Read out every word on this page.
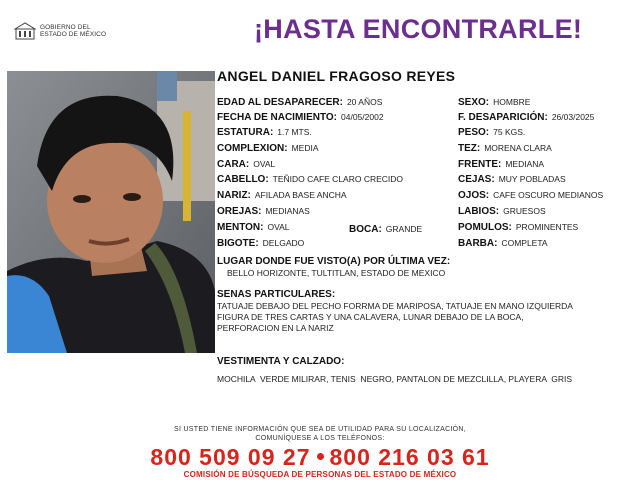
GOBIERNO DEL
ESTADO DE MÉXICO	¡HASTA ENCONTRARLE!
ANGEL DANIEL FRAGOSO REYES
EDAD AL DESAPARECER: 20 AÑOS
FECHA DE NACIMIENTO: 04/05/2002
ESTATURA: 1.7 MTS.
COMPLEXION: MEDIA
CARA: OVAL
CABELLO: TEÑIDO CAFE CLARO CRECIDO
NARIZ: AFILADA BASE ANCHA
OREJAS: MEDIANAS
MENTON: OVAL	BOCA: GRANDE
BIGOTE: DELGADO
SEXO: HOMBRE
F. DESAPARICIÓN: 26/03/2025
PESO: 75 KGS.
TEZ: MORENA CLARA
FRENTE: MEDIANA
CEJAS: MUY POBLADAS
OJOS: CAFE OSCURO MEDIANOS
LABIOS: GRUESOS
POMULOS: PROMINENTES
BARBA: COMPLETA
LUGAR DONDE FUE VISTO(A) POR ÚLTIMA VEZ:
BELLO HORIZONTE, TULTITLAN, ESTADO DE MEXICO
SENAS PARTICULARES:
TATUAJE DEBAJO DEL PECHO FORRMA DE MARIPOSA, TATUAJE EN MANO IZQUIERDA
FIGURA DE TRES CARTAS Y UNA CALAVERA, LUNAR DEBAJO DE LA BOCA,
PERFORACION EN LA NARIZ
VESTIMENTA Y CALZADO:
MOCHILA  VERDE MILIRAR, TENIS  NEGRO, PANTALON DE MEZCLILLA, PLAYERA  GRIS
SI USTED TIENE INFORMACIÓN QUE SEA DE UTILIDAD PARA SU LOCALIZACIÓN,
COMUNÍQUESE A LOS TELÉFONOS:
800 509 09 27 800 216 03 61
COMISIÓN DE BÚSQUEDA DE PERSONAS DEL ESTADO DE MÉXICO
